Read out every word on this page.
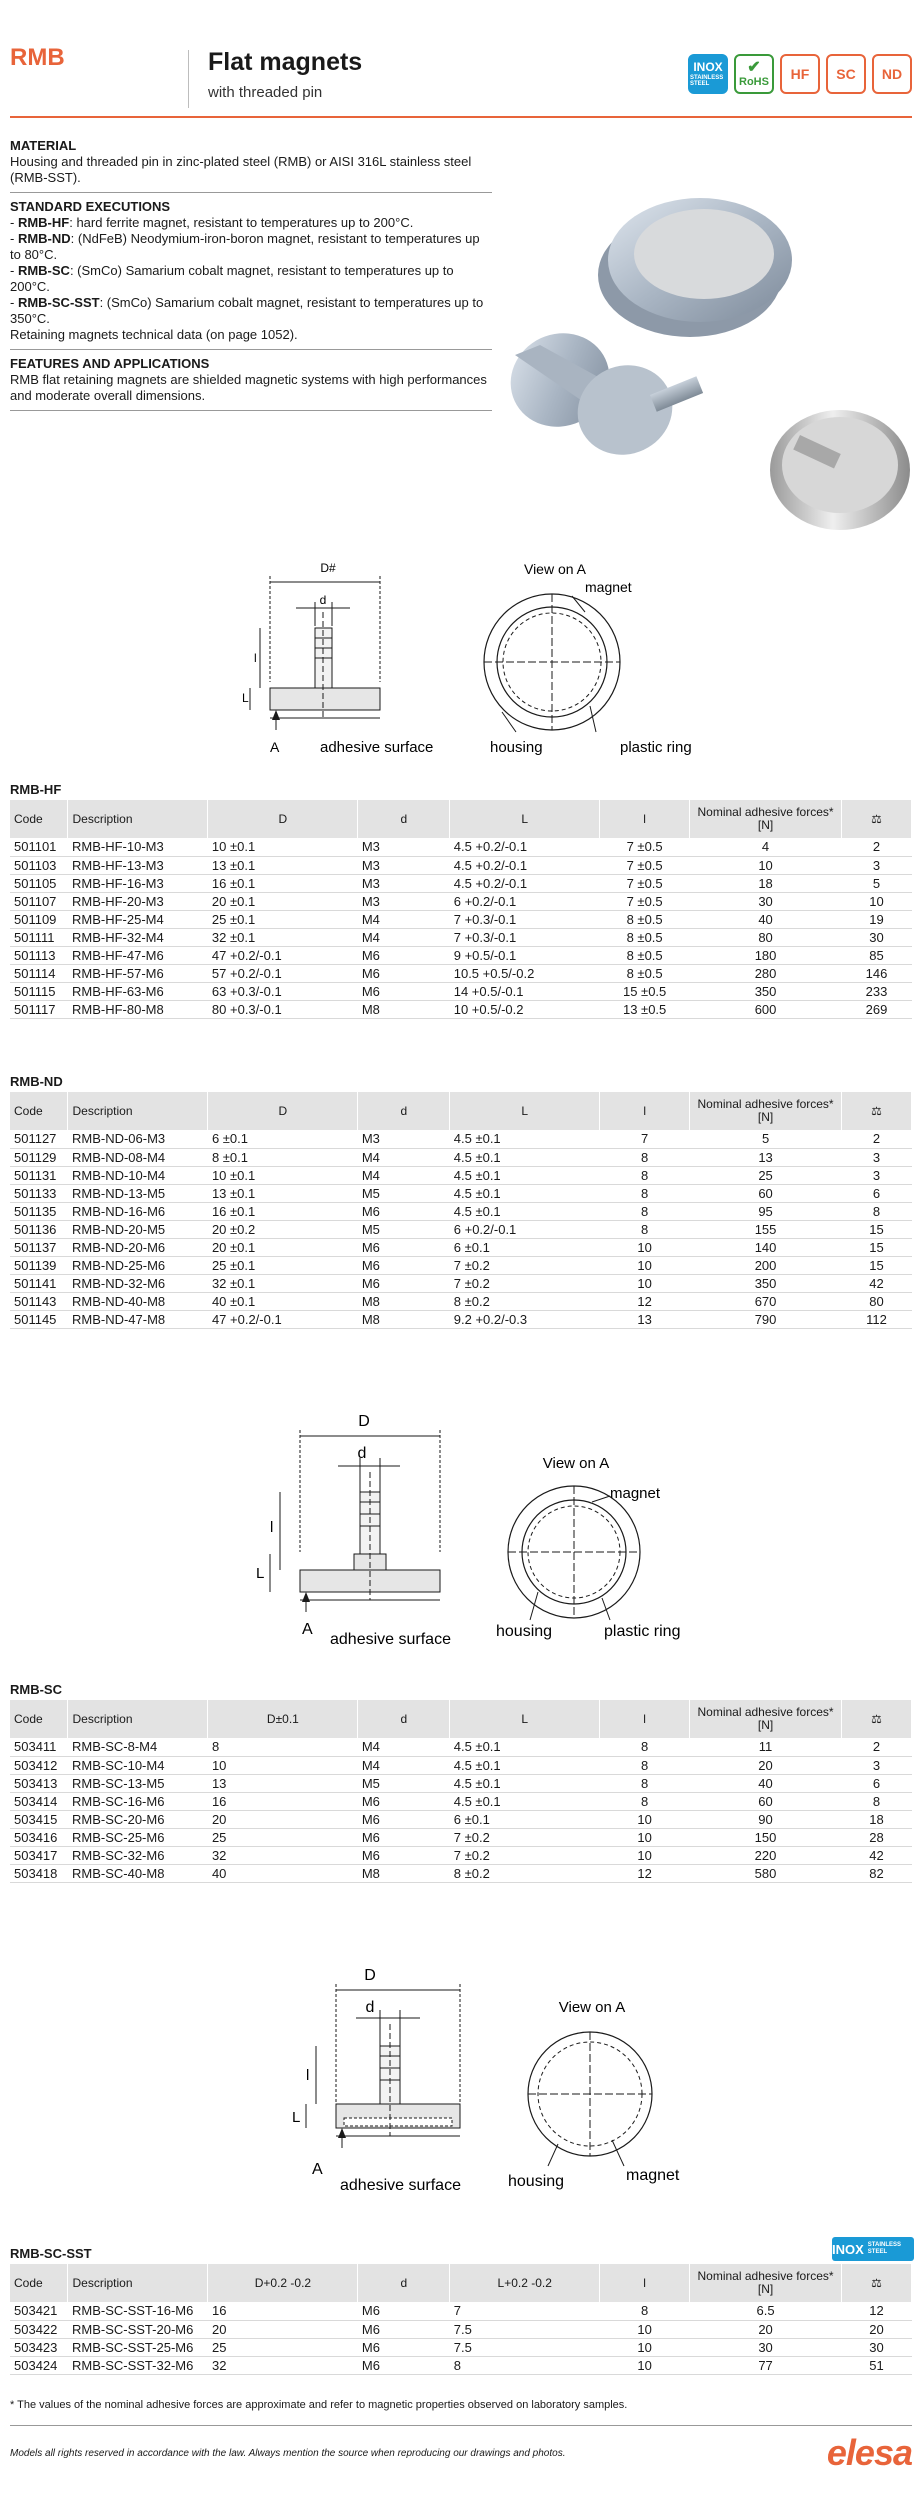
RMB	Flat magnets
with threaded pin
INOX
STAINLESS STEEL
✔
RoHS	HF	SC	ND
MATERIAL

Housing and threaded pin in zinc-plated steel (RMB) or AISI 316L stainless steel (RMB-SST).

STANDARD EXECUTIONS

- RMB-HF: hard ferrite magnet, resistant to temperatures up to 200°C.

- RMB-ND: (NdFeB) Neodymium-iron-boron magnet, resistant to temperatures up to 80°C.

- RMB-SC: (SmCo) Samarium cobalt magnet, resistant to temperatures up to 200°C.

- RMB-SC-SST: (SmCo) Samarium cobalt magnet, resistant to temperatures up to 350°C.

Retaining magnets technical data (on page 1052).

FEATURES AND APPLICATIONS

RMB flat retaining magnets are shielded magnetic systems with high performances and moderate overall dimensions.

D#
d
l
L
A	adhesive surface
View on A
magnet
housing	plastic ring
RMB-HF
Code	Description	D	d	L	l	Nominal adhesive forces*
[N]	⚖
501101	RMB-HF-10-M3	10 ±0.1	M3	4.5 +0.2/-0.1	7 ±0.5	4	2
501103	RMB-HF-13-M3	13 ±0.1	M3	4.5 +0.2/-0.1	7 ±0.5	10	3
501105	RMB-HF-16-M3	16 ±0.1	M3	4.5 +0.2/-0.1	7 ±0.5	18	5
501107	RMB-HF-20-M3	20 ±0.1	M3	6 +0.2/-0.1	7 ±0.5	30	10
501109	RMB-HF-25-M4	25 ±0.1	M4	7 +0.3/-0.1	8 ±0.5	40	19
501111	RMB-HF-32-M4	32 ±0.1	M4	7 +0.3/-0.1	8 ±0.5	80	30
501113	RMB-HF-47-M6	47 +0.2/-0.1	M6	9 +0.5/-0.1	8 ±0.5	180	85
501114	RMB-HF-57-M6	57 +0.2/-0.1	M6	10.5 +0.5/-0.2	8 ±0.5	280	146
501115	RMB-HF-63-M6	63 +0.3/-0.1	M6	14 +0.5/-0.1	15 ±0.5	350	233
501117	RMB-HF-80-M8	80 +0.3/-0.1	M8	10 +0.5/-0.2	13 ±0.5	600	269
RMB-ND
Code	Description	D	d	L	l	Nominal adhesive forces*
[N]	⚖
501127	RMB-ND-06-M3	6 ±0.1	M3	4.5 ±0.1	7	5	2
501129	RMB-ND-08-M4	8 ±0.1	M4	4.5 ±0.1	8	13	3
501131	RMB-ND-10-M4	10 ±0.1	M4	4.5 ±0.1	8	25	3
501133	RMB-ND-13-M5	13 ±0.1	M5	4.5 ±0.1	8	60	6
501135	RMB-ND-16-M6	16 ±0.1	M6	4.5 ±0.1	8	95	8
501136	RMB-ND-20-M5	20 ±0.2	M5	6 +0.2/-0.1	8	155	15
501137	RMB-ND-20-M6	20 ±0.1	M6	6 ±0.1	10	140	15
501139	RMB-ND-25-M6	25 ±0.1	M6	7 ±0.2	10	200	15
501141	RMB-ND-32-M6	32 ±0.1	M6	7 ±0.2	10	350	42
501143	RMB-ND-40-M8	40 ±0.1	M8	8 ±0.2	12	670	80
501145	RMB-ND-47-M8	47 +0.2/-0.1	M8	9.2 +0.2/-0.3	13	790	112
D
d
l
L
A
adhesive surface
View on A
magnet
housing	plastic ring
RMB-SC
Code	Description	D±0.1	d	L	l	Nominal adhesive forces*
[N]	⚖
503411	RMB-SC-8-M4	8	M4	4.5 ±0.1	8	11	2
503412	RMB-SC-10-M4	10	M4	4.5 ±0.1	8	20	3
503413	RMB-SC-13-M5	13	M5	4.5 ±0.1	8	40	6
503414	RMB-SC-16-M6	16	M6	4.5 ±0.1	8	60	8
503415	RMB-SC-20-M6	20	M6	6 ±0.1	10	90	18
503416	RMB-SC-25-M6	25	M6	7 ±0.2	10	150	28
503417	RMB-SC-32-M6	32	M6	7 ±0.2	10	220	42
503418	RMB-SC-40-M8	40	M8	8 ±0.2	12	580	82
D
d
l
L
A
adhesive surface
View on A
housing	magnet
INOX STAINLESS STEEL
RMB-SC-SST
Code	Description	D+0.2 -0.2	d	L+0.2 -0.2	l	Nominal adhesive forces*
[N]	⚖
503421	RMB-SC-SST-16-M6	16	M6	7	8	6.5	12
503422	RMB-SC-SST-20-M6	20	M6	7.5	10	20	20
503423	RMB-SC-SST-25-M6	25	M6	7.5	10	30	30
503424	RMB-SC-SST-32-M6	32	M6	8	10	77	51
* The values of the nominal adhesive forces are approximate and refer to magnetic properties observed on laboratory samples.
Models all rights reserved in accordance with the law. Always mention the source when reproducing our drawings and photos.	elesa
